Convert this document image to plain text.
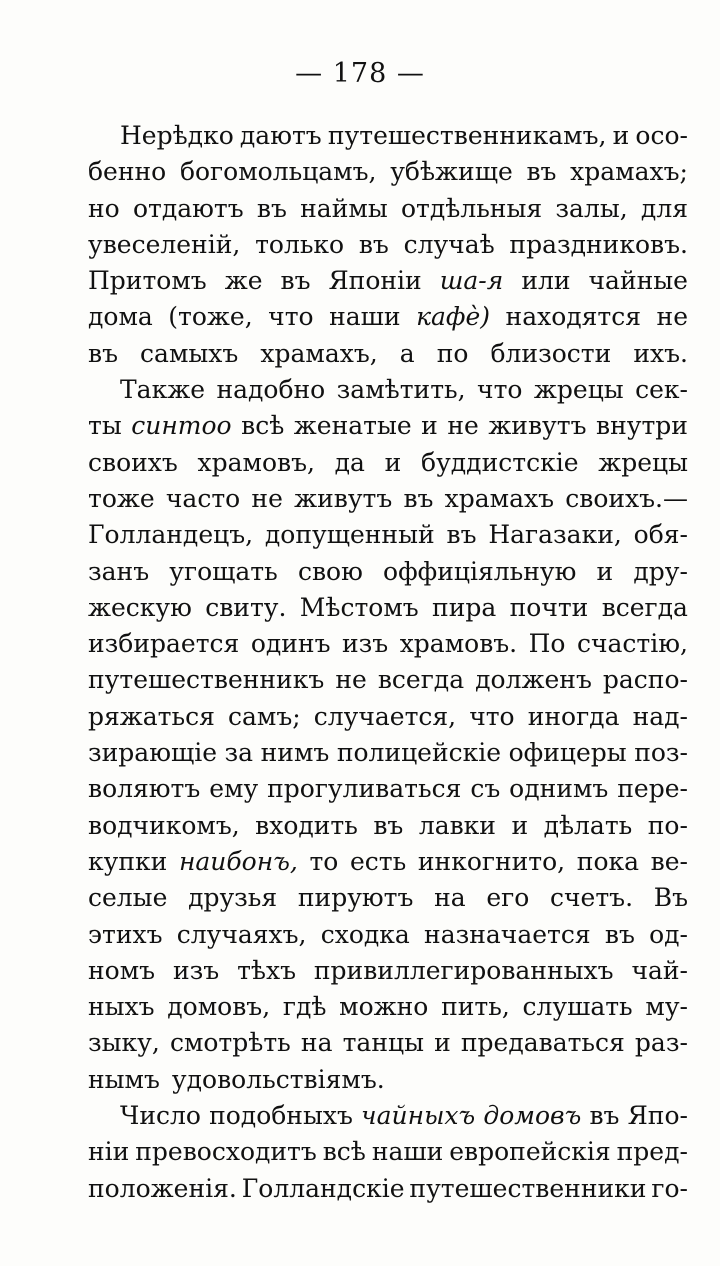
— 178 —
Нерѣдко даютъ путешественникамъ, и осо-
бенно богомольцамъ, убѣжище въ храмахъ;
но отдаютъ въ наймы отдѣльныя залы, для
увеселеній, только въ случаѣ праздниковъ.
Притомъ же въ Японіи ша-я или чайные
дома (тоже, что наши кафѐ) находятся не
въ самыхъ храмахъ, а по близости ихъ.
Также надобно замѣтить, что жрецы сек-
ты синтоо всѣ женатые и не живутъ внутри
своихъ храмовъ, да и буддистскіе жрецы
тоже часто не живутъ въ храмахъ своихъ.—
Голландецъ, допущенный въ Нагазаки, обя-
занъ угощать свою оффиціяльную и дру-
жескую свиту. Мѣстомъ пира почти всегда
избирается одинъ изъ храмовъ. По счастію,
путешественникъ не всегда долженъ распо-
ряжаться самъ; случается, что иногда над-
зирающіе за нимъ полицейскіе офицеры поз-
воляютъ ему прогуливаться съ однимъ пере-
водчикомъ, входить въ лавки и дѣлать по-
купки наибонъ, то есть инкогнито, пока ве-
селые друзья пируютъ на его счетъ. Въ
этихъ случаяхъ, сходка назначается въ од-
номъ изъ тѣхъ привиллегированныхъ чай-
ныхъ домовъ, гдѣ можно пить, слушать му-
зыку, смотрѣть на танцы и предаваться раз-
нымъ удовольствіямъ.
Число подобныхъ чайныхъ домовъ въ Япо-
ніи превосходитъ всѣ наши европейскія пред-
положенія. Голландскіе путешественники го-
